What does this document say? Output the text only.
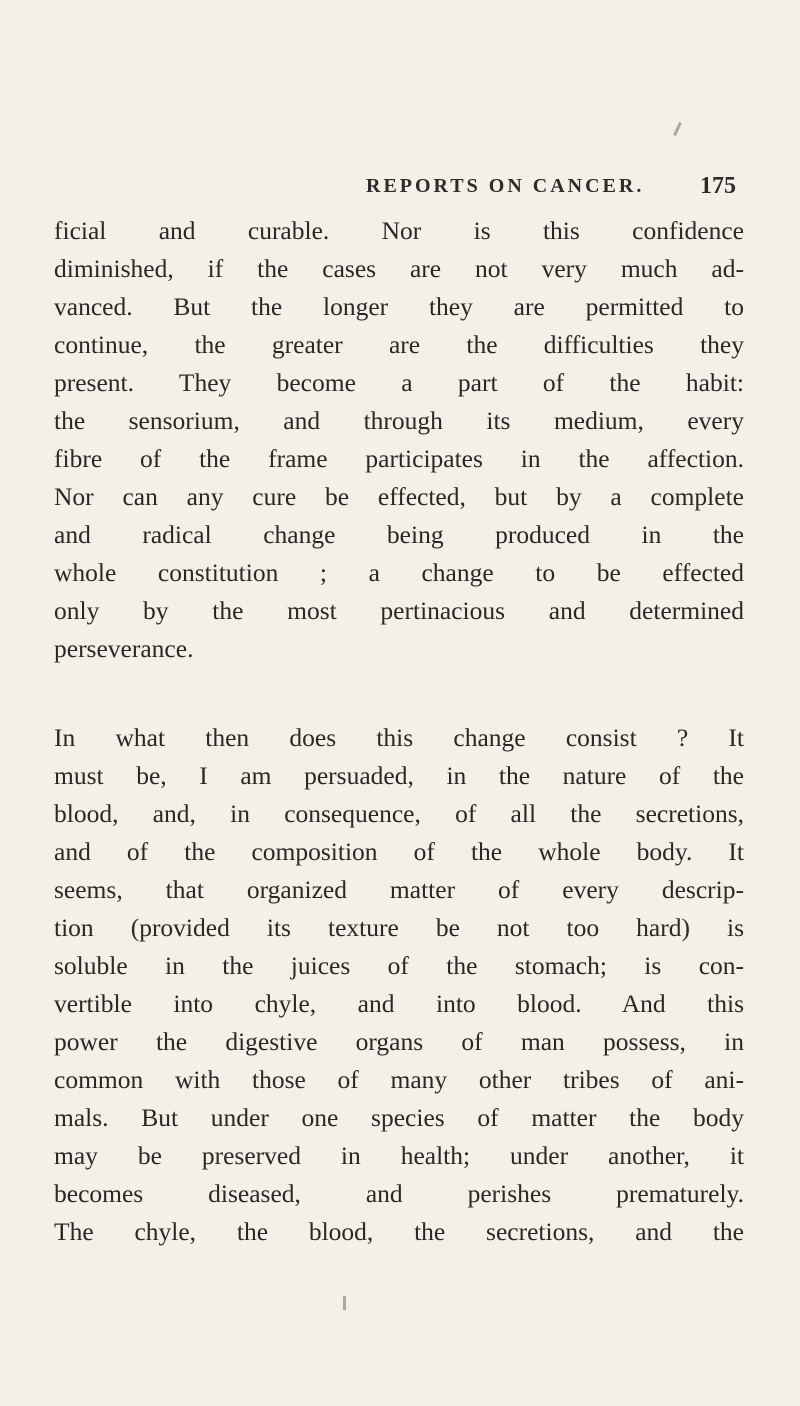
REPORTS ON CANCER. 175
ficial and curable. Nor is this confidence
diminished, if the cases are not very much ad-
vanced. But the longer they are permitted to
continue, the greater are the difficulties they
present. They become a part of the habit:
the sensorium, and through its medium, every
fibre of the frame participates in the affection.
Nor can any cure be effected, but by a complete
and radical change being produced in the
whole constitution ; a change to be effected
only by the most pertinacious and determined
perseverance.
In what then does this change consist ? It
must be, I am persuaded, in the nature of the
blood, and, in consequence, of all the secretions,
and of the composition of the whole body. It
seems, that organized matter of every descrip-
tion (provided its texture be not too hard) is
soluble in the juices of the stomach; is con-
vertible into chyle, and into blood. And this
power the digestive organs of man possess, in
common with those of many other tribes of ani-
mals. But under one species of matter the body
may be preserved in health; under another, it
becomes diseased, and perishes prematurely.
The chyle, the blood, the secretions, and the
